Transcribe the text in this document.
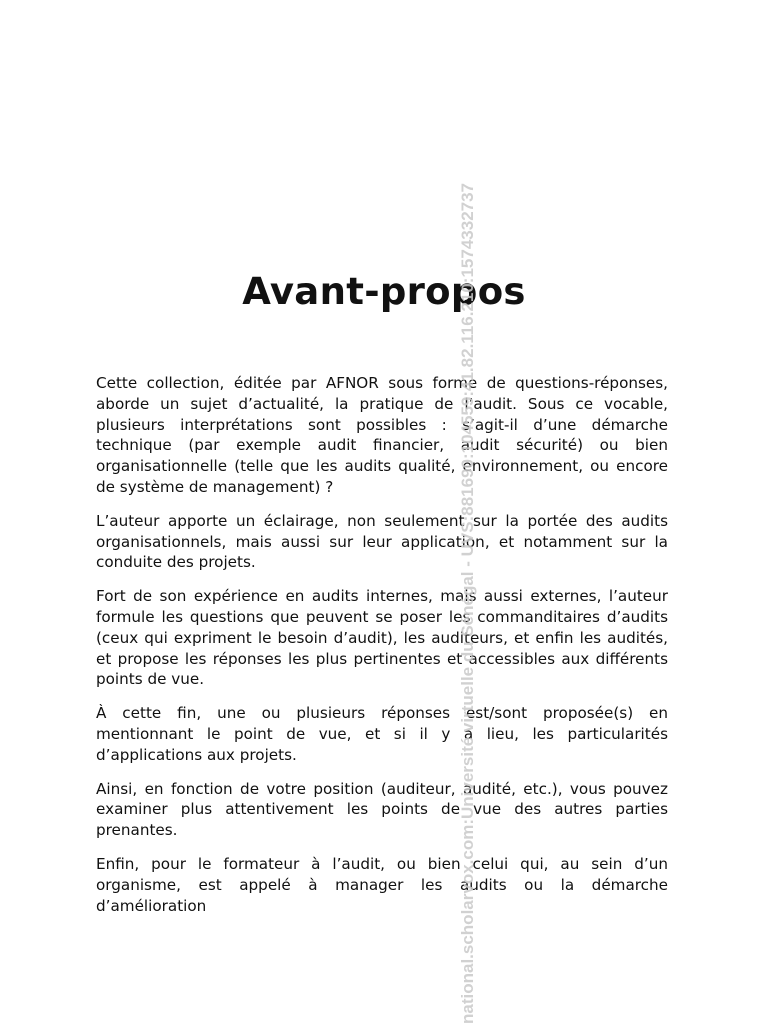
Avant-propos

Cette collection, éditée par AFNOR sous forme de questions-réponses, aborde un sujet d’actualité, la pratique de l’audit. Sous ce vocable, plusieurs interprétations sont possibles : s’agit-il d’une démarche technique (par exemple audit financier, audit sécurité) ou bien organisationnelle (telle que les audits qualité, environnement, ou encore de système de management) ?

L’auteur apporte un éclairage, non seulement sur la portée des audits organisationnels, mais aussi sur leur application, et notamment sur la conduite des projets.

Fort de son expérience en audits internes, mais aussi externes, l’auteur formule les questions que peuvent se poser les commanditaires d’audits (ceux qui expriment le besoin d’audit), les auditeurs, et enfin les audités, et propose les réponses les plus pertinentes et accessibles aux différents points de vue.

À cette fin, une ou plusieurs réponses est/sont proposée(s) en mentionnant le point de vue, et si il y a lieu, les particularités d’applications aux projets.

Ainsi, en fonction de votre position (auditeur, audité, etc.), vous pouvez examiner plus attentivement les points de vue des autres parties prenantes.

Enfin, pour le formateur à l’audit, ou bien celui qui, au sein d’un organisme, est appelé à manager les audits ou la démarche d’amélioration	national.scholarvox.com:Université virtuelle du Sénégal - UVS:881690:104559:41.82.116.210:1574332737
